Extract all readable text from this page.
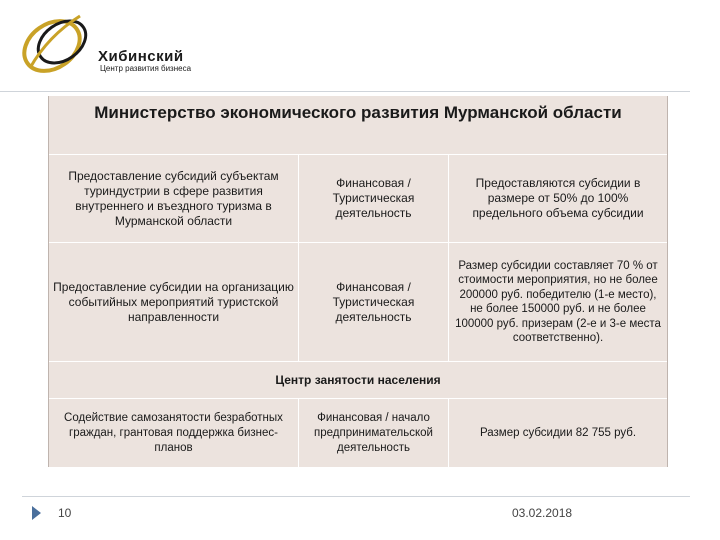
Хибинский
Центр развития бизнеса
Министерство экономического развития Мурманской области
Предоставление субсидий субъектам туриндустрии в сфере развития внутреннего и въездного туризма в Мурманской области
Финансовая / Туристическая деятельность
Предоставляются субсидии в размере от 50% до 100% предельного объема субсидии
Предоставление субсидии на организацию событийных мероприятий туристской направленности
Финансовая / Туристическая деятельность
Размер субсидии составляет 70 % от стоимости мероприятия, но не более 200000 руб. победителю (1-е место), не более 150000 руб. и не более 100000 руб. призерам (2-е и 3-е места соответственно).
Центр занятости населения
Содействие самозанятости безработных граждан, грантовая поддержка бизнес-планов
Финансовая / начало предпринимательской деятельность
Размер субсидии 82 755 руб.
10	03.02.2018
